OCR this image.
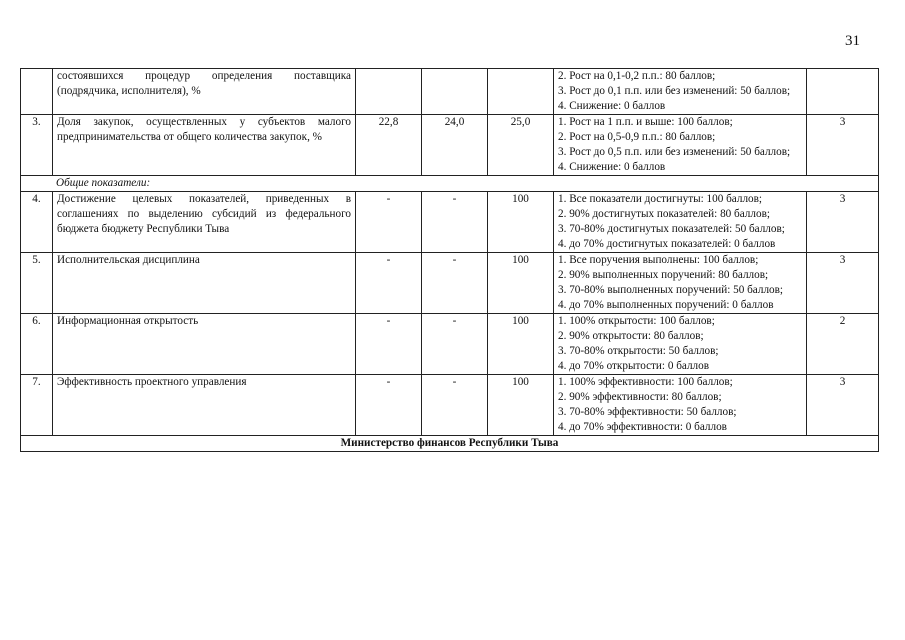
31
	состоявшихся процедур определения поставщика (подрядчика, исполнителя), %				2. Рост на 0,1-0,2 п.п.: 80 баллов;
3. Рост до 0,1 п.п. или без изменений: 50 баллов;
4. Снижение: 0 баллов	

3.	Доля закупок, осуществленных у субъектов малого предпринимательства от общего количества закупок, %	22,8	24,0	25,0	1. Рост на 1 п.п. и выше: 100 баллов;
2. Рост на 0,5-0,9 п.п.: 80 баллов;
3. Рост до 0,5 п.п. или без изменений: 50 баллов;
4. Снижение: 0 баллов	3
Общие показатели:						
4.	Достижение целевых показателей, приведенных в соглашениях по выделению субсидий из федерального бюджета бюджету Республики Тыва	-	-	100	1. Все показатели достигнуты: 100 баллов;
2. 90% достигнутых показателей: 80 баллов;
3. 70-80% достигнутых показателей: 50 баллов;
4. до 70% достигнутых показателей: 0 баллов	3
5.	Исполнительская дисциплина	-	-	100	1. Все поручения выполнены: 100 баллов;
2. 90% выполненных поручений: 80 баллов;
3. 70-80% выполненных поручений: 50 баллов;
4. до 70% выполненных поручений: 0 баллов	3
6.	Информационная открытость	-	-	100	1. 100% открытости: 100 баллов;
2. 90% открытости: 80 баллов;
3. 70-80% открытости: 50 баллов;
4. до 70% открытости: 0 баллов	2
7.	Эффективность проектного управления	-	-	100	1. 100% эффективности: 100 баллов;
2. 90% эффективности: 80 баллов;
3. 70-80% эффективности: 50 баллов;
4. до 70% эффективности: 0 баллов	3
Министерство финансов Республики Тыва						
